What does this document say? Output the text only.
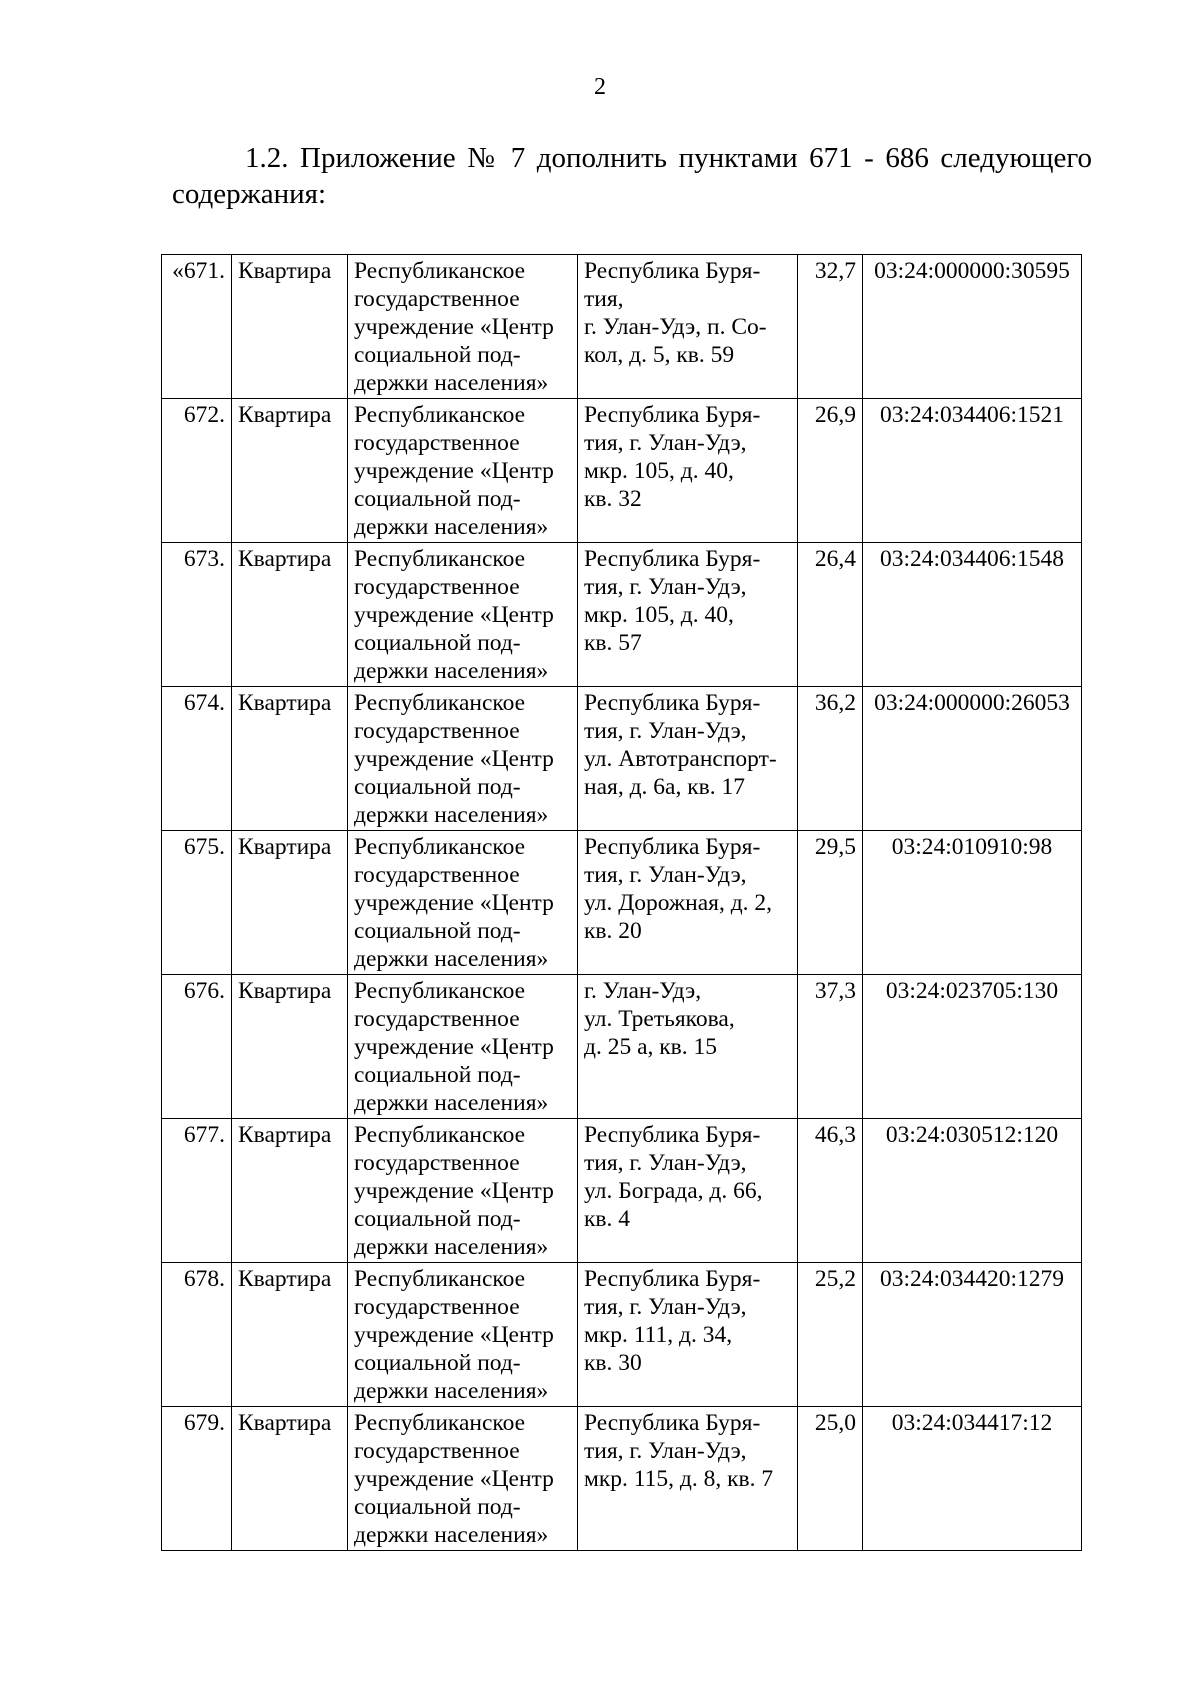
2

1.2. Приложение № 7 дополнить пунктами 671 - 686 следующего содержания:

«671.	Квартира	Республиканское
государственное
учреждение «Центр
социальной под-
держки населения»	Республика Буря-
тия,
г. Улан-Удэ, п. Со-
кол, д. 5, кв. 59	32,7	03:24:000000:30595
672.	Квартира	Республиканское
государственное
учреждение «Центр
социальной под-
держки населения»	Республика Буря-
тия, г. Улан-Удэ,
мкр. 105, д. 40,
кв. 32	26,9	03:24:034406:1521
673.	Квартира	Республиканское
государственное
учреждение «Центр
социальной под-
держки населения»	Республика Буря-
тия, г. Улан-Удэ,
мкр. 105, д. 40,
кв. 57	26,4	03:24:034406:1548
674.	Квартира	Республиканское
государственное
учреждение «Центр
социальной под-
держки населения»	Республика Буря-
тия, г. Улан-Удэ,
ул. Автотранспорт-
ная, д. 6а, кв. 17	36,2	03:24:000000:26053
675.	Квартира	Республиканское
государственное
учреждение «Центр
социальной под-
держки населения»	Республика Буря-
тия, г. Улан-Удэ,
ул. Дорожная, д. 2,
кв. 20	29,5	03:24:010910:98
676.	Квартира	Республиканское
государственное
учреждение «Центр
социальной под-
держки населения»	г. Улан-Удэ,
ул. Третьякова,
д. 25 а, кв. 15	37,3	03:24:023705:130
677.	Квартира	Республиканское
государственное
учреждение «Центр
социальной под-
держки населения»	Республика Буря-
тия, г. Улан-Удэ,
ул. Бограда, д. 66,
кв. 4	46,3	03:24:030512:120
678.	Квартира	Республиканское
государственное
учреждение «Центр
социальной под-
держки населения»	Республика Буря-
тия, г. Улан-Удэ,
мкр. 111, д. 34,
кв. 30	25,2	03:24:034420:1279
679.	Квартира	Республиканское
государственное
учреждение «Центр
социальной под-
держки населения»	Республика Буря-
тия, г. Улан-Удэ,
мкр. 115, д. 8, кв. 7	25,0	03:24:034417:12
